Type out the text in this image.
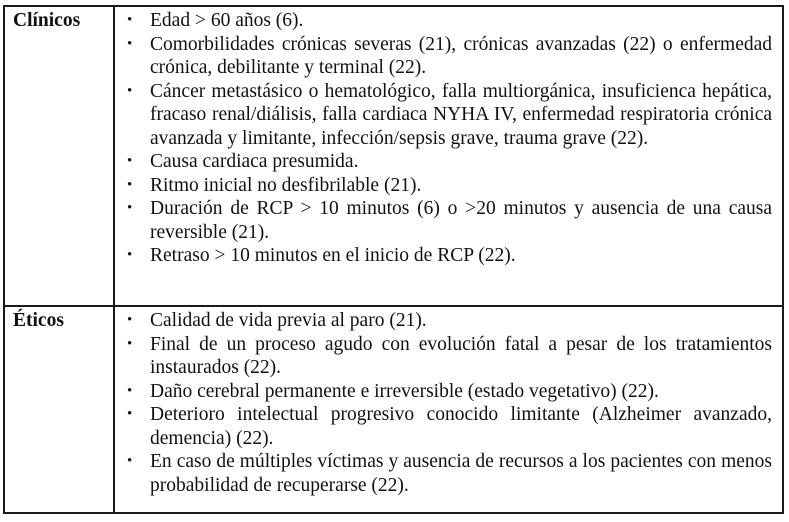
Clínicos	• Edad > 60 años (6).
• Comorbilidades crónicas severas (21), crónicas avanzadas (22) o enfermedad crónica, debilitante y terminal (22).
• Cáncer metastásico o hematológico, falla multiorgánica, insuficienca hepática, fracaso renal/diálisis, falla cardiaca NYHA IV, enfermedad respiratoria crónica avanzada y limitante, infección/sepsis grave, trauma grave (22).
• Causa cardiaca presumida.
• Ritmo inicial no desfibrilable (21).
• Duración de RCP > 10 minutos (6) o >20 minutos y ausencia de una causa reversible (21).
• Retraso > 10 minutos en el inicio de RCP (22).
Éticos	• Calidad de vida previa al paro (21).
• Final de un proceso agudo con evolución fatal a pesar de los tratamientos instaurados (22).
• Daño cerebral permanente e irreversible (estado vegetativo) (22).
• Deterioro intelectual progresivo conocido limitante (Alzheimer avanzado, demencia) (22).
• En caso de múltiples víctimas y ausencia de recursos a los pacientes con menos probabilidad de recuperarse (22).
